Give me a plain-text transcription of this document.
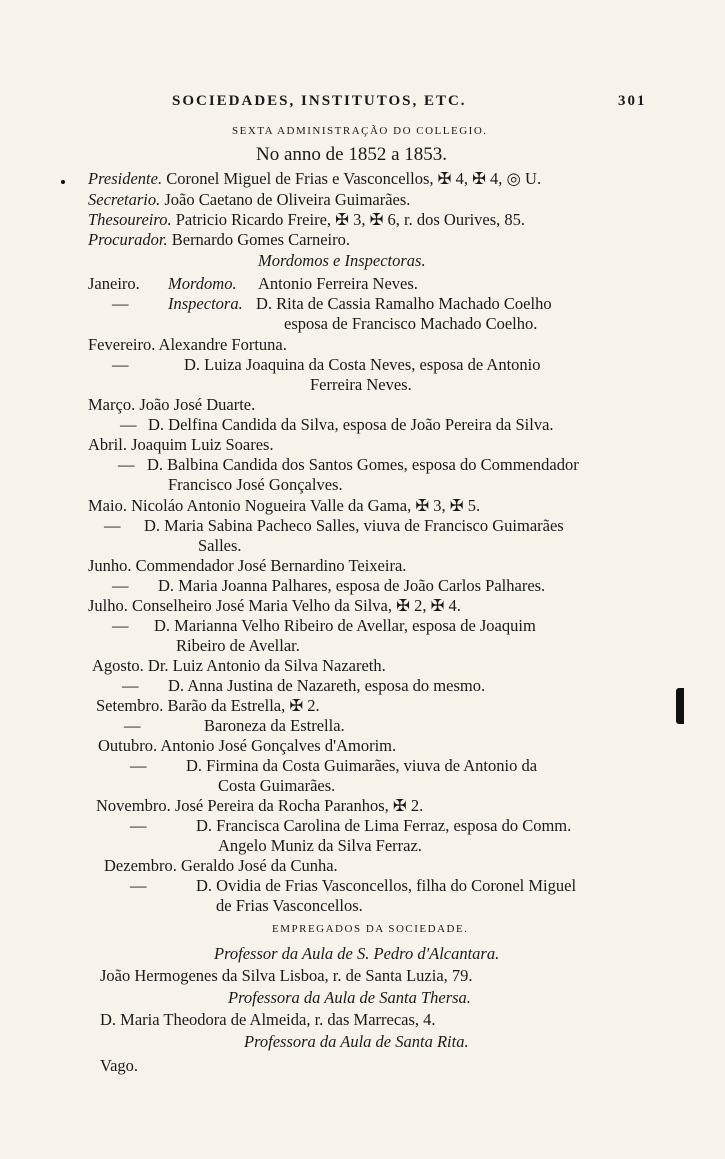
SOCIEDADES, INSTITUTOS, ETC.	301
SEXTA ADMINISTRAÇÃO DO COLLEGIO.
No anno de 1852 a 1853.
Presidente. Coronel Miguel de Frias e Vasconcellos, ✠ 4, ✠ 4, ◎ U.
Secretario. João Caetano de Oliveira Guimarães.
Thesoureiro. Patricio Ricardo Freire, ✠ 3, ✠ 6, r. dos Ourives, 85.
Procurador. Bernardo Gomes Carneiro.
Mordomos e Inspectoras.
Janeiro. Mordomo. Antonio Ferreira Neves.
— Inspectora. D. Rita de Cassia Ramalho Machado Coelho
esposa de Francisco Machado Coelho.
Fevereiro. Alexandre Fortuna.
—	D. Luiza Joaquina da Costa Neves, esposa de Antonio
Ferreira Neves.
Março. João José Duarte.
— D. Delfina Candida da Silva, esposa de João Pereira da Silva.
Abril. Joaquim Luiz Soares.
— D. Balbina Candida dos Santos Gomes, esposa do Commendador
Francisco José Gonçalves.
Maio. Nicoláo Antonio Nogueira Valle da Gama, ✠ 3, ✠ 5.
— D. Maria Sabina Pacheco Salles, viuva de Francisco Guimarães
Salles.
Junho. Commendador José Bernardino Teixeira.
— D. Maria Joanna Palhares, esposa de João Carlos Palhares.
Julho. Conselheiro José Maria Velho da Silva, ✠ 2, ✠ 4.
— D. Marianna Velho Ribeiro de Avellar, esposa de Joaquim
Ribeiro de Avellar.
Agosto. Dr. Luiz Antonio da Silva Nazareth.
— D. Anna Justina de Nazareth, esposa do mesmo.
Setembro. Barão da Estrella, ✠ 2.
—	Baroneza da Estrella.
Outubro. Antonio José Gonçalves d'Amorim.
— D. Firmina da Costa Guimarães, viuva de Antonio da
Costa Guimarães.
Novembro. José Pereira da Rocha Paranhos, ✠ 2.
—	D. Francisca Carolina de Lima Ferraz, esposa do Comm.
Angelo Muniz da Silva Ferraz.
Dezembro. Geraldo José da Cunha.
—	D. Ovidia de Frias Vasconcellos, filha do Coronel Miguel
de Frias Vasconcellos.
EMPREGADOS DA SOCIEDADE.
Professor da Aula de S. Pedro d'Alcantara.
João Hermogenes da Silva Lisboa, r. de Santa Luzia, 79.
Professora da Aula de Santa Thersa.
D. Maria Theodora de Almeida, r. das Marrecas, 4.
Professora da Aula de Santa Rita.
Vago.
